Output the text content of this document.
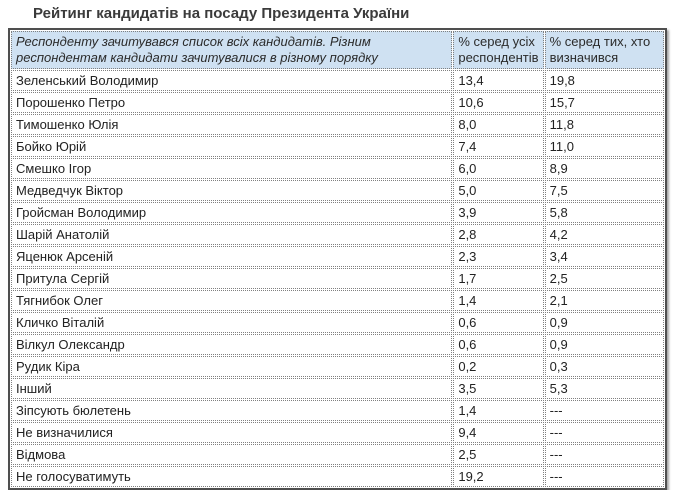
Рейтинг кандидатів на посаду Президента України
Респонденту зачитувався список всіх кандидатів. Різним респондентам кандидати зачитувалися в різному порядку	% серед усіх респондентів	% серед тих, хто визначився
Зеленський Володимир	13,4	19,8
Порошенко Петро	10,6	15,7
Тимошенко Юлія	8,0	11,8
Бойко Юрій	7,4	11,0
Смешко Ігор	6,0	8,9
Медведчук Віктор	5,0	7,5
Гройсман Володимир	3,9	5,8
Шарій Анатолій	2,8	4,2
Яценюк Арсеній	2,3	3,4
Притула Сергій	1,7	2,5
Тягнибок Олег	1,4	2,1
Кличко Віталій	0,6	0,9
Вілкул Олександр	0,6	0,9
Рудик Кіра	0,2	0,3
Інший	3,5	5,3
Зіпсують бюлетень	1,4	---
Не визначилися	9,4	---
Відмова	2,5	---
Не голосуватимуть	19,2	---
